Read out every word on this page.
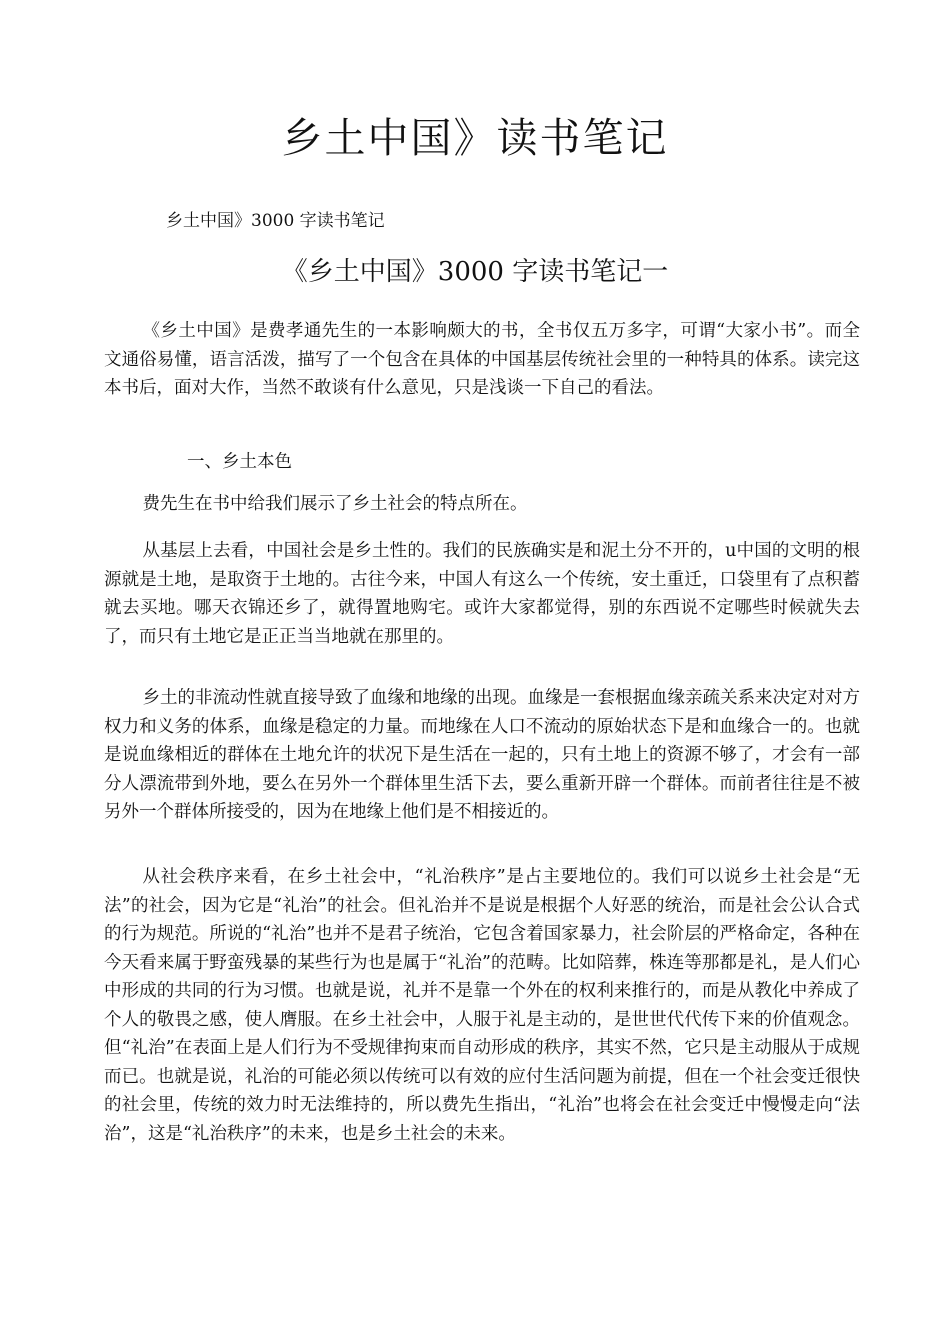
乡土中国》读书笔记
乡土中国》3000 字读书笔记
《乡土中国》3000 字读书笔记一

《乡土中国》是费孝通先生的一本影响颇大的书，全书仅五万多字，可谓“大家小书”。而全文通俗易懂，语言活泼，描写了一个包含在具体的中国基层传统社会里的一种特具的体系。读完这本书后，面对大作，当然不敢谈有什么意见，只是浅谈一下自己的看法。

一、乡土本色

费先生在书中给我们展示了乡土社会的特点所在。

从基层上去看，中国社会是乡土性的。我们的民族确实是和泥土分不开的，u中国的文明的根源就是土地，是取资于土地的。古往今来，中国人有这么一个传统，安土重迁，口袋里有了点积蓄就去买地。哪天衣锦还乡了，就得置地购宅。或许大家都觉得，别的东西说不定哪些时候就失去了，而只有土地它是正正当当地就在那里的。

乡土的非流动性就直接导致了血缘和地缘的出现。血缘是一套根据血缘亲疏关系来决定对对方权力和义务的体系，血缘是稳定的力量。而地缘在人口不流动的原始状态下是和血缘合一的。也就是说血缘相近的群体在土地允许的状况下是生活在一起的，只有土地上的资源不够了，才会有一部分人漂流带到外地，要么在另外一个群体里生活下去，要么重新开辟一个群体。而前者往往是不被另外一个群体所接受的，因为在地缘上他们是不相接近的。

从社会秩序来看，在乡土社会中，“礼治秩序”是占主要地位的。我们可以说乡土社会是“无法”的社会，因为它是“礼治”的社会。但礼治并不是说是根据个人好恶的统治，而是社会公认合式的行为规范。所说的“礼治”也并不是君子统治，它包含着国家暴力，社会阶层的严格命定，各种在今天看来属于野蛮残暴的某些行为也是属于“礼治”的范畴。比如陪葬，株连等那都是礼，是人们心中形成的共同的行为习惯。也就是说，礼并不是靠一个外在的权利来推行的，而是从教化中养成了个人的敬畏之感，使人膺服。在乡土社会中，人服于礼是主动的，是世世代代传下来的价值观念。但“礼治”在表面上是人们行为不受规律拘束而自动形成的秩序，其实不然，它只是主动服从于成规而已。也就是说，礼治的可能必须以传统可以有效的应付生活问题为前提，但在一个社会变迁很快的社会里，传统的效力时无法维持的，所以费先生指出，“礼治”也将会在社会变迁中慢慢走向“法治”，这是“礼治秩序”的未来，也是乡土社会的未来。
